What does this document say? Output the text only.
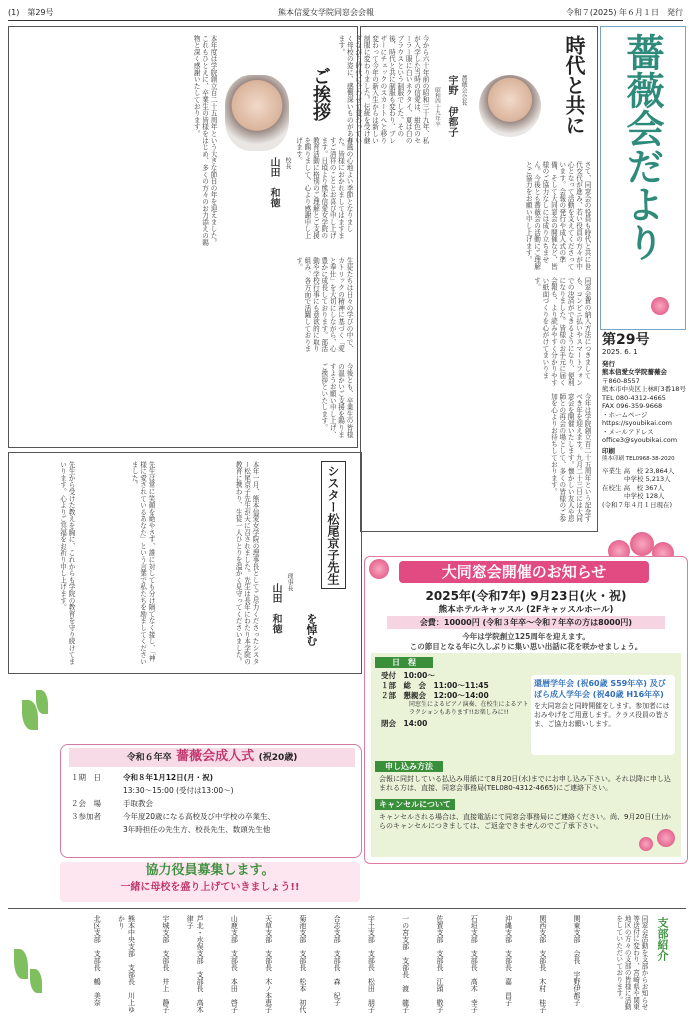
(1)　第29号	熊本信愛女学院同窓会会報	令和７(2025) 年６月１日　発行
薔薇会だより
第29号
2025. 6. 1
発行
熊本信愛女学院薔薇会
〒860-8557
熊本市中央区上林町3番18号
TEL 080-4312-4665
FAX 096-359-9668
・ホームページ
https://syoubikai.com
・メールアドレス
office3@syoubikai.com
印刷
熊本印刷 TEL0968-38-2020
卒業生 高　校 23,864人
中学校 5,213人
在校生 高　校 367人
中学校 128人
(令和７年４月１日現在)
時代と共に
薔薇会会長
宇野 伊都子
昭和四十九年卒
今から六十年前の昭和三十九年、私が入学した当時の信愛は、紺色のセーラー服に白いネクタイ、夏は白のブラウスという制服でした。その後、時代と共に制服も変わり、ブレザーにチェックのスカートへと移り変わって今年の新入生からは新しい制服に変わりました。伝統を受け継ぎながら時代に合わせて変わっていく母校の姿に、感慨深いものがあります。
さて、同窓会の役員も時代と共に世代交代が進み、若い役員の方々が中心となって活動を支えてくださっています。会報の発行や成人式の準備、そして大同窓会の開催など、皆様のご協力なしには成り立ちません。今後とも薔薇会の活動にご理解とご協力をお願い申し上げます。
同窓会費の納入方法につきましても、コンビニ払いやスマートフォンでの決済ができるようになり、便利になりました。皆様のお手元に届く会報も、より読みやすく分かりやすい紙面づくりを心がけてまいります。
今年は学院創立百二十五周年という記念すべき年を迎えます。九月二十三日には大同窓会を開催いたします。懐かしい友人や恩師との再会の場として、多くの皆様のご参加を心よりお待ちしております。
ご挨拶
校長
山田　和徳	春風の心地よい季節となりました。皆様におかれましてはますますご清祥のこととお喜び申し上げます。日頃より熊本信愛女学院の教育活動に格別のご理解とご支援を賜りまして、心より感謝申し上げます。
本年度は学院創立百二十五周年という大きな節目の年を迎えました。これもひとえに、卒業生の皆様をはじめ、多くの方々のお力添えの賜物と深く感謝いたしております。
生徒たちは日々の学びの中で、カトリックの精神に基づく「愛と奉仕」を大切にしながら、心豊かに成長しております。部活動や学校行事にも意欲的に取り組み、各方面で活躍しております。
今後とも、卒業生の皆様の温かいご支援を賜りますようお願い申し上げ、ご挨拶といたします。
シスター松尾京子先生
を悼む
理事長
山田　和徳
本年一月、熊本信愛女学院の理事長としてご尽力くださったシスター松尾京子先生が天に召されました。先生は長年にわたり本学院の教育に携わり、生徒一人ひとりを温かく見守ってくださいました。
先生は常に笑顔を絶やさず、誰に対しても分け隔てなく接し、「神様に愛されているあなた」という言葉で私たちを励ましてくださいました。
先生から受けた教えを胸に、これからも学院の教育を守り続けてまいります。心よりご冥福をお祈り申し上げます。	大同窓会開催のお知らせ
2025年(令和7年) 9月23日(火・祝)
熊本ホテルキャッスル (2Fキャッスルホール)
会費：10000円 (令和３年卒～令和７年卒の方は8000円)
今年は学院創立125周年を迎えます。
この節目となる年に久しぶりに集い思い出話に花を咲かせましょう。
日　程
受付　 10:00～
１部　総　会　 11:00～11:45
２部　懇親会　 12:00～14:00
同窓生によるピアノ演奏、在校生によるアトラクションもあります!!お楽しみに!!
閉会　 14:00
還暦学年会 (祝60歳 S59年卒) 及び
ばら成人学年会 (祝40歳 H16年卒)
を大同窓会と同時開催をします。参加者にはおみやげをご用意します。クラス役員の皆さま、ご協力お願いします。
申し込み方法
会報に同封している払込み用紙にて8月20日(水)までにお申し込み下さい。それ以降に申し込まれる方は、直接、同窓会事務局(TEL080-4312-4665)にご連絡下さい。
キャンセルについて
キャンセルされる場合は、直接電話にて同窓会事務局にご連絡ください。尚、9月20日(土)からのキャンセルにつきましては、ご返金できませんのでご了承下さい。
令和６年卒 薔薇会成人式 (祝20歳)
１期　日	令和８年1月12日(月・祝)
13:30～15:00 (受付は13:00～)
２会　場	手取教会
３参加者	今年度20歳になる高校及び中学校の卒業生、
3年時担任の先生方、校長先生、数頭先生他
協力役員募集します。
一緒に母校を盛り上げていきましょう!!
支部紹介
同窓会活動を支部からお知らせ等送付に変わり、宮崎県や関東地区の方々の支部の皆様に活動をしていただいております。
関東支部　会長　宇野伊都子
関西支部　支部長　木村　桂子
沖縄支部　支部長　嘉　昌子
石垣支部　支部長　高木　幸子
佐賀支部　支部長　江頭　敬子
一の宮支部　支部長　渡　龍子
宇土支部　支部長　松田　朋子
合志支部　支部長　森　紀子
菊池支部　支部長　松本　初代
天草支部　支部長　木ノ本恵子
山鹿支部　支部長　本田　啓子
芦北・水俣支部　支部長　高木　律子
宇城支部　支部長　井上　静子
熊本中央支部　支部長　川上ゆかり
北区支部　支部長　鶴　美奈
